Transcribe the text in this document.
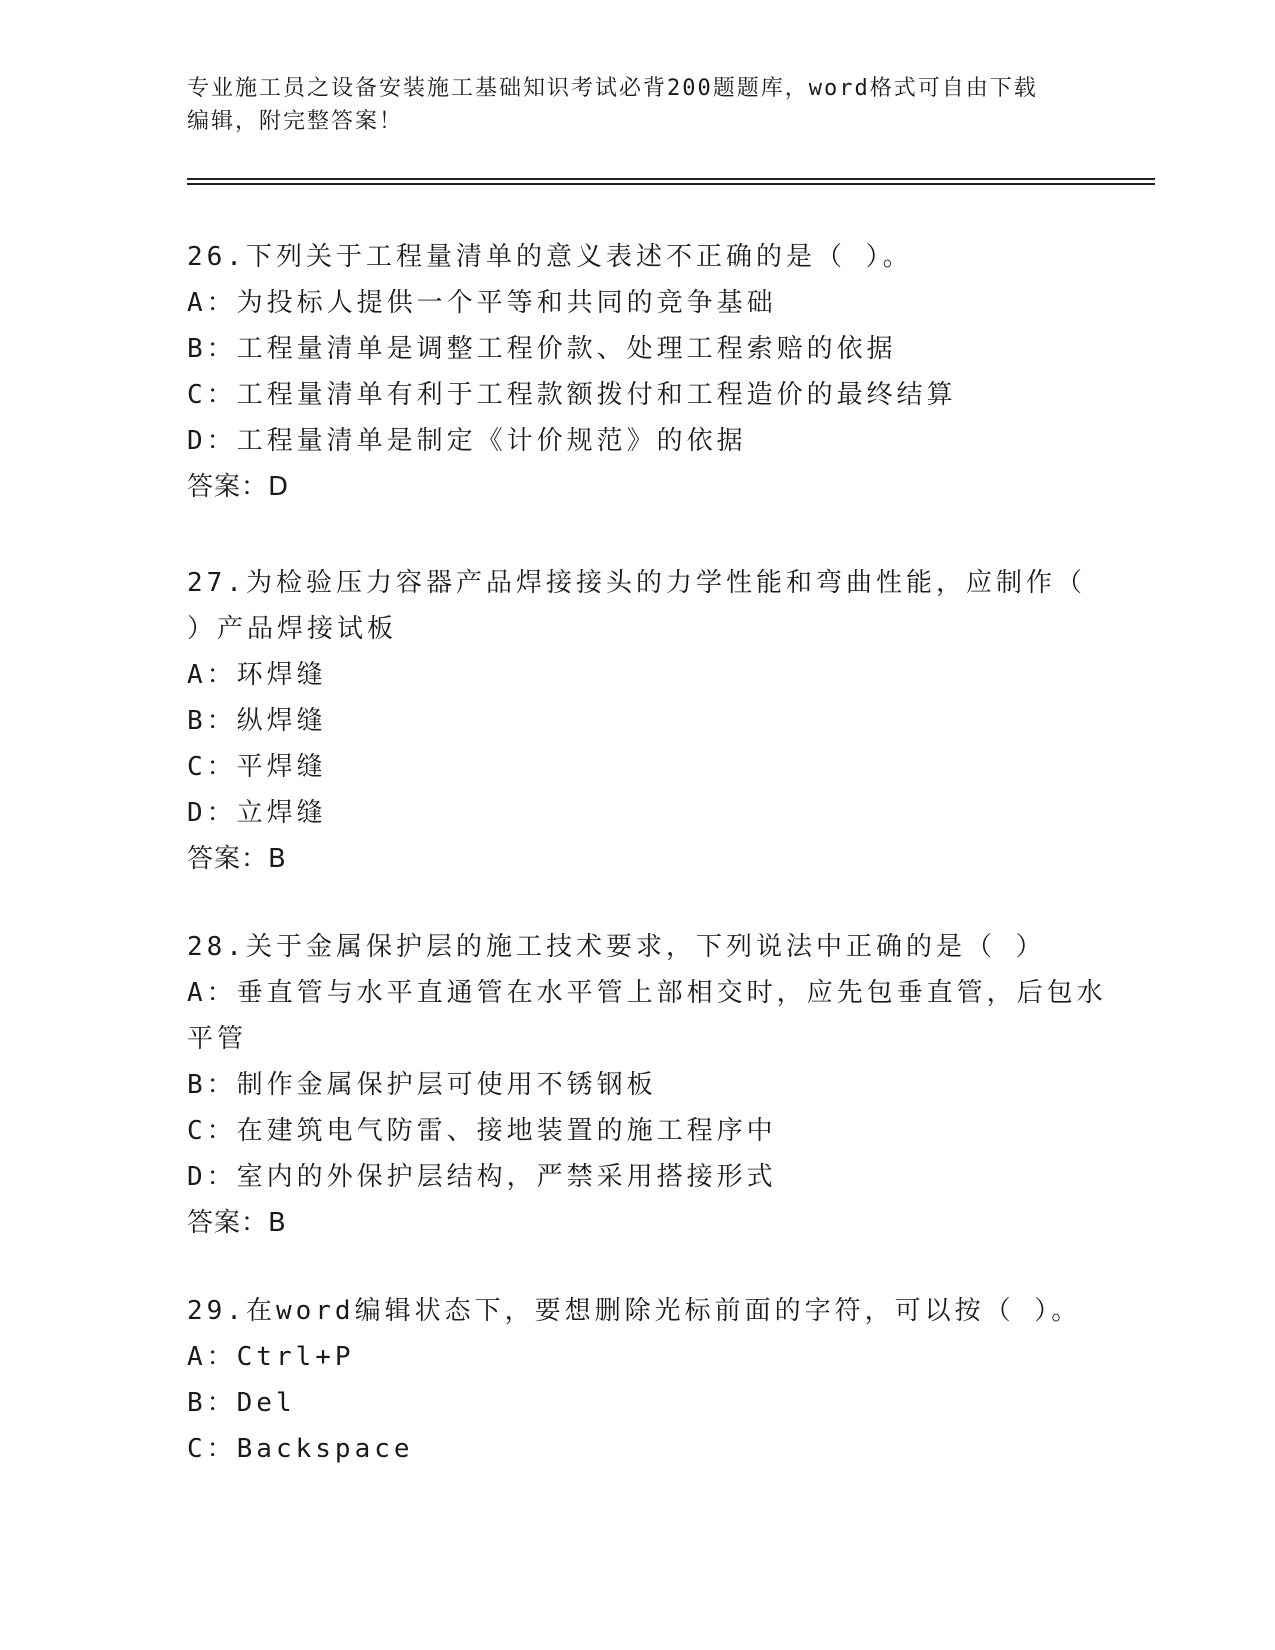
专业施工员之设备安装施工基础知识考试必背200题题库，word格式可自由下载
编辑，附完整答案！
26.下列关于工程量清单的意义表述不正确的是（ ）。
A：为投标人提供一个平等和共同的竞争基础
B：工程量清单是调整工程价款、处理工程索赔的依据
C：工程量清单有利于工程款额拨付和工程造价的最终结算
D：工程量清单是制定《计价规范》的依据
答案：D
27.为检验压力容器产品焊接接头的力学性能和弯曲性能，应制作（
）产品焊接试板
A：环焊缝
B：纵焊缝
C：平焊缝
D：立焊缝
答案：B
28.关于金属保护层的施工技术要求，下列说法中正确的是（ ）
A：垂直管与水平直通管在水平管上部相交时，应先包垂直管，后包水
平管
B：制作金属保护层可使用不锈钢板
C：在建筑电气防雷、接地装置的施工程序中
D：室内的外保护层结构，严禁采用搭接形式
答案：B
29.在word编辑状态下，要想删除光标前面的字符，可以按（ ）。
A：Ctrl+P
B：Del
C：Backspace
